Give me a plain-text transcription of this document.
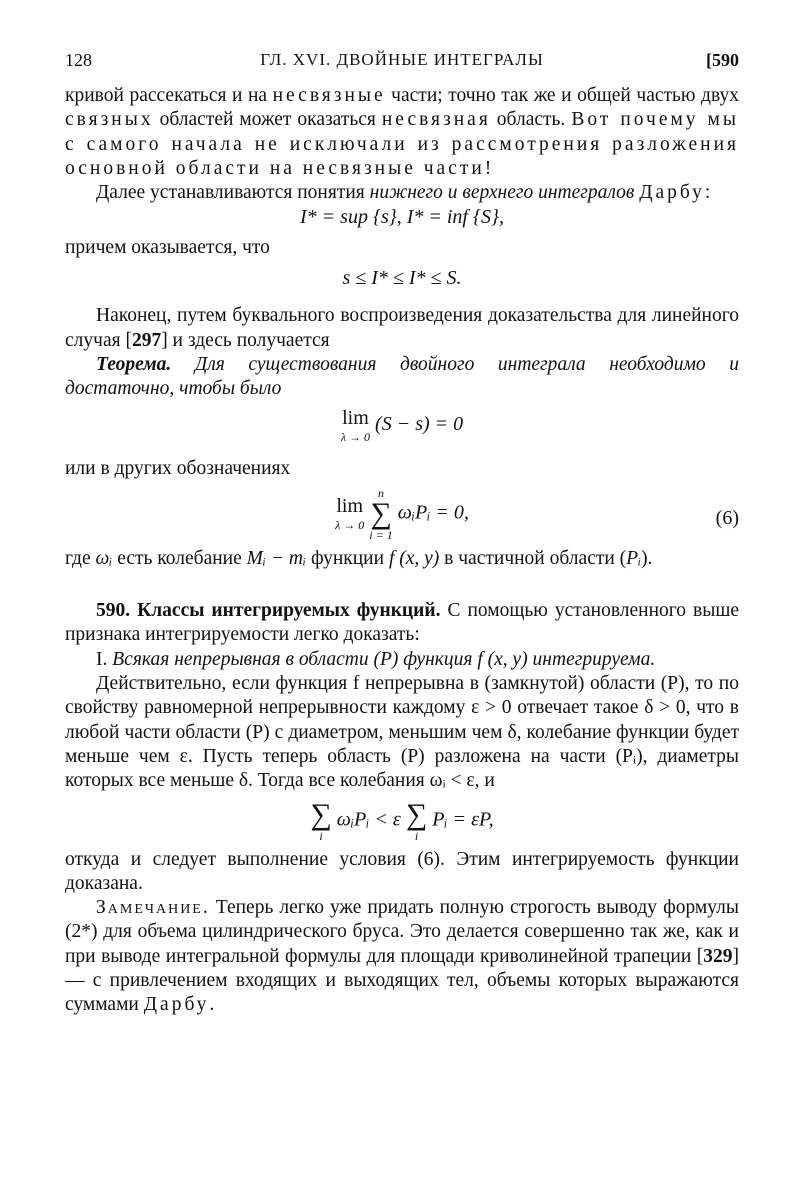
128	ГЛ. XVI. ДВОЙНЫЕ ИНТЕГРАЛЫ	[590

кривой рассекаться и на несвязные части; точно так же и общей частью двух связных областей может оказаться несвязная область. Вот почему мы с самого начала не исключали из рассмотрения разложения основной области на несвязные части!

Далее устанавливаются понятия нижнего и верхнего интегралов Дарбу:

I* = sup {s}, I* = inf {S},

причем оказывается, что

s ≤ I* ≤ I* ≤ S.

Наконец, путем буквального воспроизведения доказательства для линейного случая [297] и здесь получается

Теорема. Для существования двойного интеграла необходимо и достаточно, чтобы было

lim
λ → 0
(S − s) = 0

или в других обозначениях

lim
λ → 0

n
∑
i = 1
ωᵢPᵢ = 0,	(6)

где ωᵢ есть колебание Mᵢ − mᵢ функции f (x, y) в частичной области (Pᵢ).

590. Классы интегрируемых функций. С помощью установленного выше признака интегрируемости легко доказать:

I. Всякая непрерывная в области (P) функция f (x, y) интегрируема.

Действительно, если функция f непрерывна в (замкнутой) области (P), то по свойству равномерной непрерывности каждому ε > 0 отвечает такое δ > 0, что в любой части области (P) с диаметром, меньшим чем δ, колебание функции будет меньше чем ε. Пусть теперь область (P) разложена на части (Pᵢ), диаметры которых все меньше δ. Тогда все колебания ωᵢ < ε, и

∑
i
ωᵢPᵢ < ε ∑
i
Pᵢ = εP,

откуда и следует выполнение условия (6). Этим интегрируемость функции доказана.

Замечание. Теперь легко уже придать полную строгость выводу формулы (2*) для объема цилиндрического бруса. Это делается совершенно так же, как и при выводе интегральной формулы для площади криволинейной трапеции [329] — с привлечением входящих и выходящих тел, объемы которых выражаются суммами Дарбу.
